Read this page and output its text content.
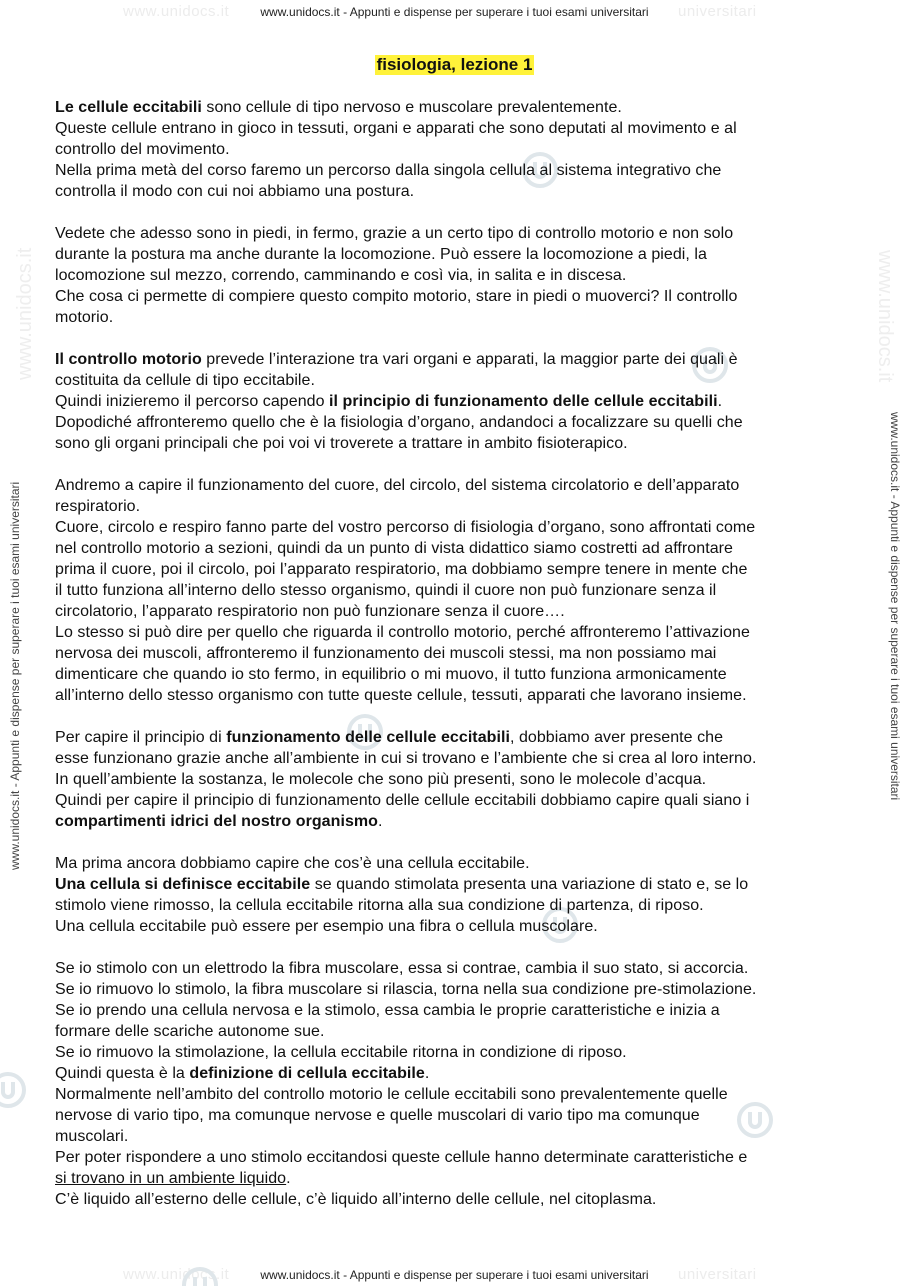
www.unidocs.it	universitari
www.unidocs.it - Appunti e dispense per superare i tuoi esami universitari
www.unidocs.it	universitari
www.unidocs.it - Appunti e dispense per superare i tuoi esami universitari
www.unidocs.it - Appunti e dispense per superare i tuoi esami universitari	www.unidocs.it - Appunti e dispense per superare i tuoi esami universitari
www.unidocs.it	www.unidocs.it
fisiologia, lezione 1
Le cellule eccitabili sono cellule di tipo nervoso e muscolare prevalentemente.
Queste cellule entrano in gioco in tessuti, organi e apparati che sono deputati al movimento e al
controllo del movimento.
Nella prima metà del corso faremo un percorso dalla singola cellula al sistema integrativo che
controlla il modo con cui noi abbiamo una postura.
Vedete che adesso sono in piedi, in fermo, grazie a un certo tipo di controllo motorio e non solo
durante la postura ma anche durante la locomozione. Può essere la locomozione a piedi, la
locomozione sul mezzo, correndo, camminando e così via, in salita e in discesa.
Che cosa ci permette di compiere questo compito motorio, stare in piedi o muoverci? Il controllo
motorio.
Il controllo motorio prevede l’interazione tra vari organi e apparati, la maggior parte dei quali è
costituita da cellule di tipo eccitabile.
Quindi inizieremo il percorso capendo il principio di funzionamento delle cellule eccitabili.
Dopodiché affronteremo quello che è la fisiologia d’organo, andandoci a focalizzare su quelli che
sono gli organi principali che poi voi vi troverete a trattare in ambito fisioterapico.
Andremo a capire il funzionamento del cuore, del circolo, del sistema circolatorio e dell’apparato
respiratorio.
Cuore, circolo e respiro fanno parte del vostro percorso di fisiologia d’organo, sono affrontati come
nel controllo motorio a sezioni, quindi da un punto di vista didattico siamo costretti ad affrontare
prima il cuore, poi il circolo, poi l’apparato respiratorio, ma dobbiamo sempre tenere in mente che
il tutto funziona all’interno dello stesso organismo, quindi il cuore non può funzionare senza il
circolatorio, l’apparato respiratorio non può funzionare senza il cuore….
Lo stesso si può dire per quello che riguarda il controllo motorio, perché affronteremo l’attivazione
nervosa dei muscoli, affronteremo il funzionamento dei muscoli stessi, ma non possiamo mai
dimenticare che quando io sto fermo, in equilibrio o mi muovo, il tutto funziona armonicamente
all’interno dello stesso organismo con tutte queste cellule, tessuti, apparati che lavorano insieme.
Per capire il principio di funzionamento delle cellule eccitabili, dobbiamo aver presente che
esse funzionano grazie anche all’ambiente in cui si trovano e l’ambiente che si crea al loro interno.
In quell’ambiente la sostanza, le molecole che sono più presenti, sono le molecole d’acqua.
Quindi per capire il principio di funzionamento delle cellule eccitabili dobbiamo capire quali siano i
compartimenti idrici del nostro organismo.
Ma prima ancora dobbiamo capire che cos’è una cellula eccitabile.
Una cellula si definisce eccitabile se quando stimolata presenta una variazione di stato e, se lo
stimolo viene rimosso, la cellula eccitabile ritorna alla sua condizione di partenza, di riposo.
Una cellula eccitabile può essere per esempio una fibra o cellula muscolare.
Se io stimolo con un elettrodo la fibra muscolare, essa si contrae, cambia il suo stato, si accorcia.
Se io rimuovo lo stimolo, la fibra muscolare si rilascia, torna nella sua condizione pre-stimolazione.
Se io prendo una cellula nervosa e la stimolo, essa cambia le proprie caratteristiche e inizia a
formare delle scariche autonome sue.
Se io rimuovo la stimolazione, la cellula eccitabile ritorna in condizione di riposo.
Quindi questa è la definizione di cellula eccitabile.
Normalmente nell’ambito del controllo motorio le cellule eccitabili sono prevalentemente quelle
nervose di vario tipo, ma comunque nervose e quelle muscolari di vario tipo ma comunque
muscolari.
Per poter rispondere a uno stimolo eccitandosi queste cellule hanno determinate caratteristiche e
si trovano in un ambiente liquido.
C’è liquido all’esterno delle cellule, c’è liquido all’interno delle cellule, nel citoplasma.
